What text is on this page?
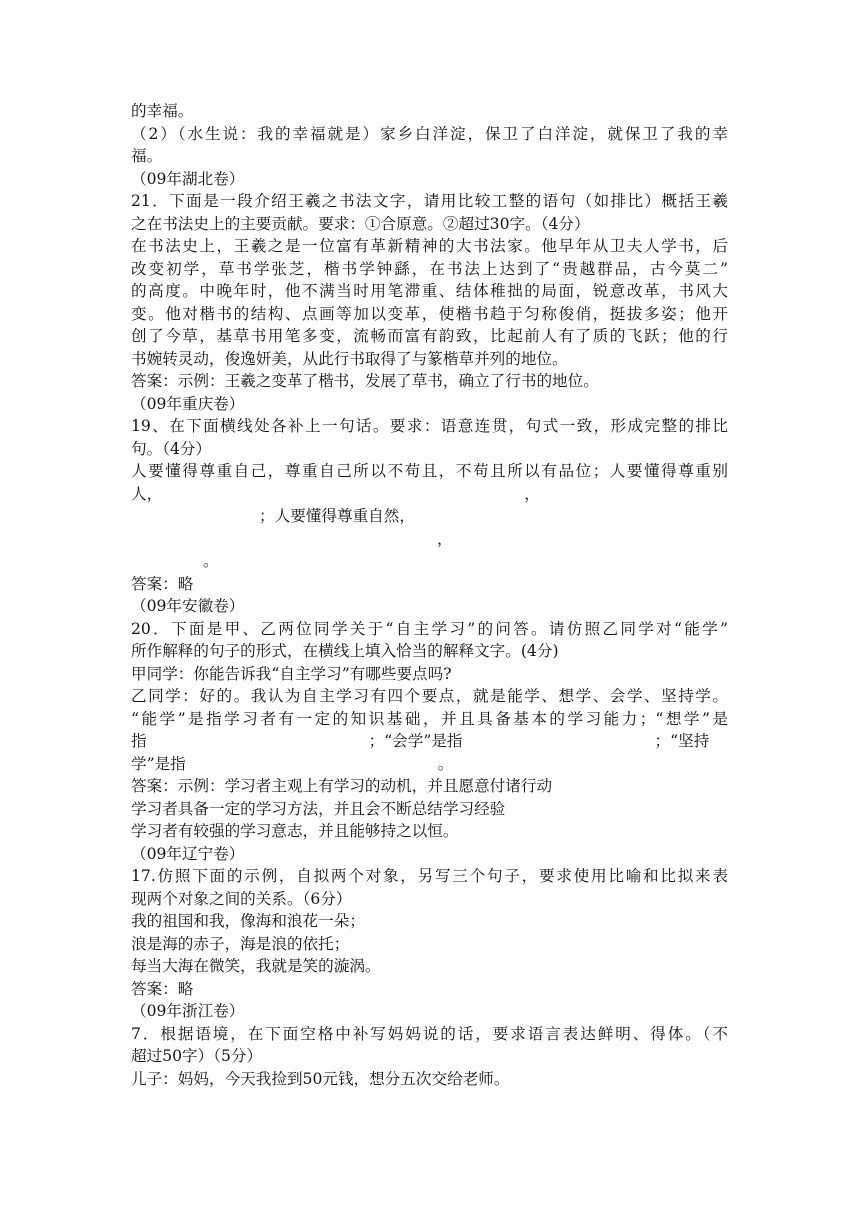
的幸福。
（2）（水生说：我的幸福就是）家乡白洋淀，保卫了白洋淀，就保卫了我的幸
福。
（09年湖北卷）
21．下面是一段介绍王羲之书法文字，请用比较工整的语句（如排比）概括王羲
之在书法史上的主要贡献。要求：①合原意。②超过30字。（4分）
在书法史上，王羲之是一位富有革新精神的大书法家。他早年从卫夫人学书，后
改变初学，草书学张芝，楷书学钟繇，在书法上达到了“贵越群品，古今莫二”
的高度。中晚年时，他不满当时用笔滞重、结体稚拙的局面，锐意改革，书风大
变。他对楷书的结构、点画等加以变革，使楷书趋于匀称俊俏，挺拔多姿；他开
创了今草，基草书用笔多变，流畅而富有韵致，比起前人有了质的飞跃；他的行
书婉转灵动，俊逸妍美，从此行书取得了与篆楷草并列的地位。
答案：示例：王羲之变革了楷书，发展了草书，确立了行书的地位。
（09年重庆卷）
19、在下面横线处各补上一句话。要求：语意连贯，句式一致，形成完整的排比
句。（4分）
人要懂得尊重自己，尊重自己所以不苟且，不苟且所以有品位；人要懂得尊重别
人，	，
；人要懂得尊重自然，
，
。
答案：略
（09年安徽卷）
20．下面是甲、乙两位同学关于“自主学习”的问答。请仿照乙同学对“能学”
所作解释的句子的形式，在横线上填入恰当的解释文字。(4分)
甲同学：你能告诉我“自主学习”有哪些要点吗?
乙同学：好的。我认为自主学习有四个要点，就是能学、想学、会学、坚持学。
“能学”是指学习者有一定的知识基础，并且具备基本的学习能力；“想学”是
指	；“会学”是指	；“坚持
学”是指	。
答案：示例：学习者主观上有学习的动机，并且愿意付诸行动
学习者具备一定的学习方法，并且会不断总结学习经验
学习者有较强的学习意志，并且能够持之以恒。
（09年辽宁卷）
17.仿照下面的示例，自拟两个对象，另写三个句子，要求使用比喻和比拟来表
现两个对象之间的关系。（6分）
我的祖国和我，像海和浪花一朵；
浪是海的赤子，海是浪的依托；
每当大海在微笑，我就是笑的漩涡。
答案：略
（09年浙江卷）
7．根据语境，在下面空格中补写妈妈说的话，要求语言表达鲜明、得体。（不
超过50字）（5分）
儿子：妈妈，今天我捡到50元钱，想分五次交给老师。
